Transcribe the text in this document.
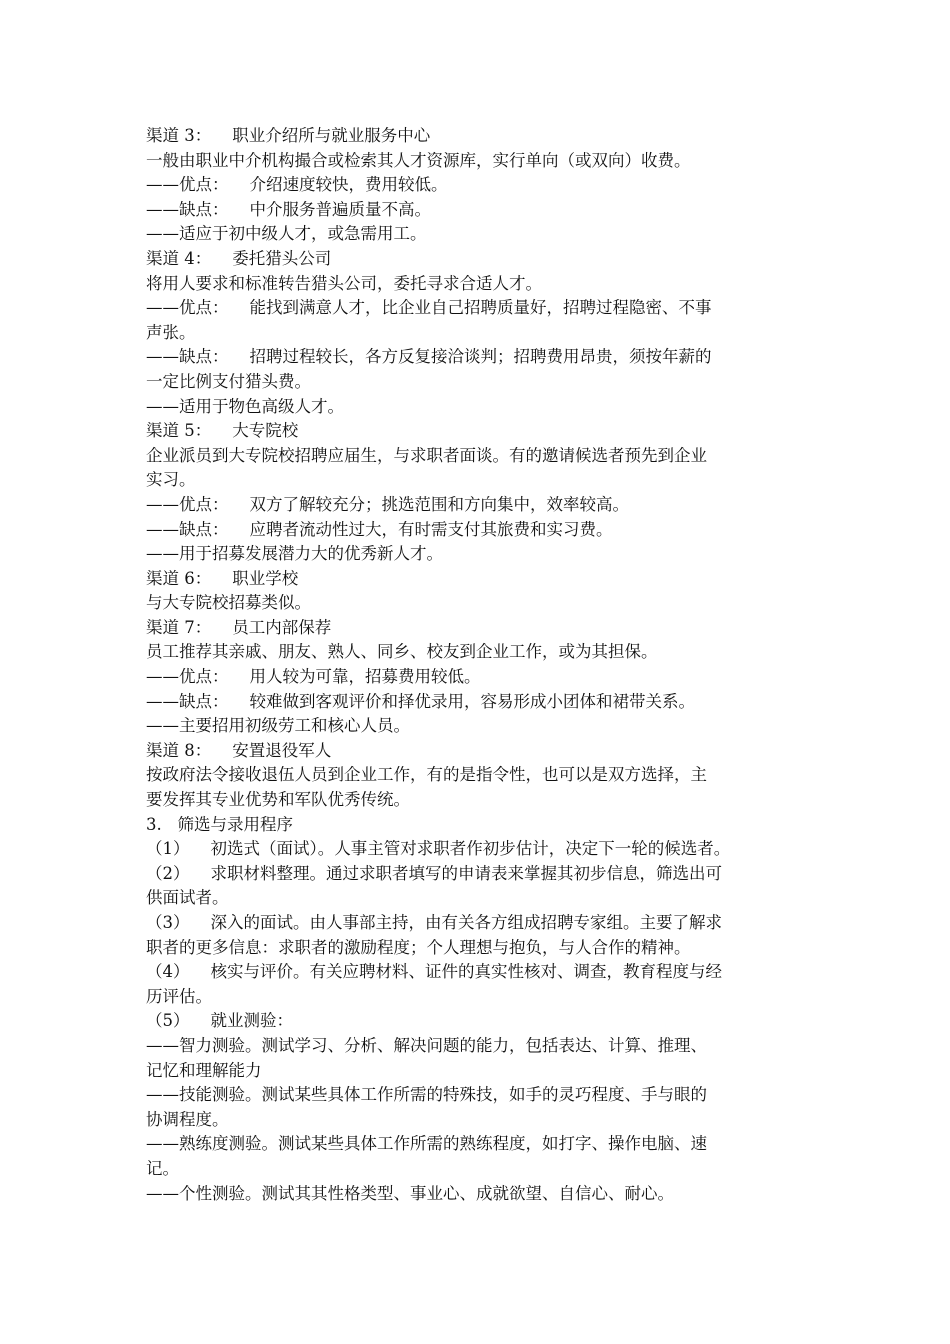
渠道 3：    职业介绍所与就业服务中心

一般由职业中介机构撮合或检索其人才资源库，实行单向（或双向）收费。

——优点：    介绍速度较快，费用较低。

——缺点：    中介服务普遍质量不高。

——适应于初中级人才，或急需用工。

渠道 4：    委托猎头公司

将用人要求和标准转告猎头公司，委托寻求合适人才。

——优点：    能找到满意人才，比企业自己招聘质量好，招聘过程隐密、不事

声张。

——缺点：    招聘过程较长，各方反复接洽谈判；招聘费用昂贵，须按年薪的

一定比例支付猎头费。

——适用于物色高级人才。

渠道 5：    大专院校

企业派员到大专院校招聘应届生，与求职者面谈。有的邀请候选者预先到企业

实习。

——优点：    双方了解较充分；挑选范围和方向集中，效率较高。

——缺点：    应聘者流动性过大，有时需支付其旅费和实习费。

——用于招募发展潜力大的优秀新人才。

渠道 6：    职业学校

与大专院校招募类似。

渠道 7：    员工内部保荐

员工推荐其亲戚、朋友、熟人、同乡、校友到企业工作，或为其担保。

——优点：    用人较为可靠，招募费用较低。

——缺点：    较难做到客观评价和择优录用，容易形成小团体和裙带关系。

——主要招用初级劳工和核心人员。

渠道 8：    安置退役军人

按政府法令接收退伍人员到企业工作，有的是指令性，也可以是双方选择，主

要发挥其专业优势和军队优秀传统。

3.   筛选与录用程序

（1）    初选式（面试）。人事主管对求职者作初步估计，决定下一轮的候选者。

（2）    求职材料整理。通过求职者填写的申请表来掌握其初步信息，筛选出可

供面试者。

（3）    深入的面试。由人事部主持，由有关各方组成招聘专家组。主要了解求

职者的更多信息：求职者的激励程度；个人理想与抱负，与人合作的精神。

（4）    核实与评价。有关应聘材料、证件的真实性核对、调查，教育程度与经

历评估。

（5）    就业测验：

——智力测验。测试学习、分析、解决问题的能力，包括表达、计算、推理、

记忆和理解能力

——技能测验。测试某些具体工作所需的特殊技，如手的灵巧程度、手与眼的

协调程度。

——熟练度测验。测试某些具体工作所需的熟练程度，如打字、操作电脑、速

记。

——个性测验。测试其其性格类型、事业心、成就欲望、自信心、耐心。
